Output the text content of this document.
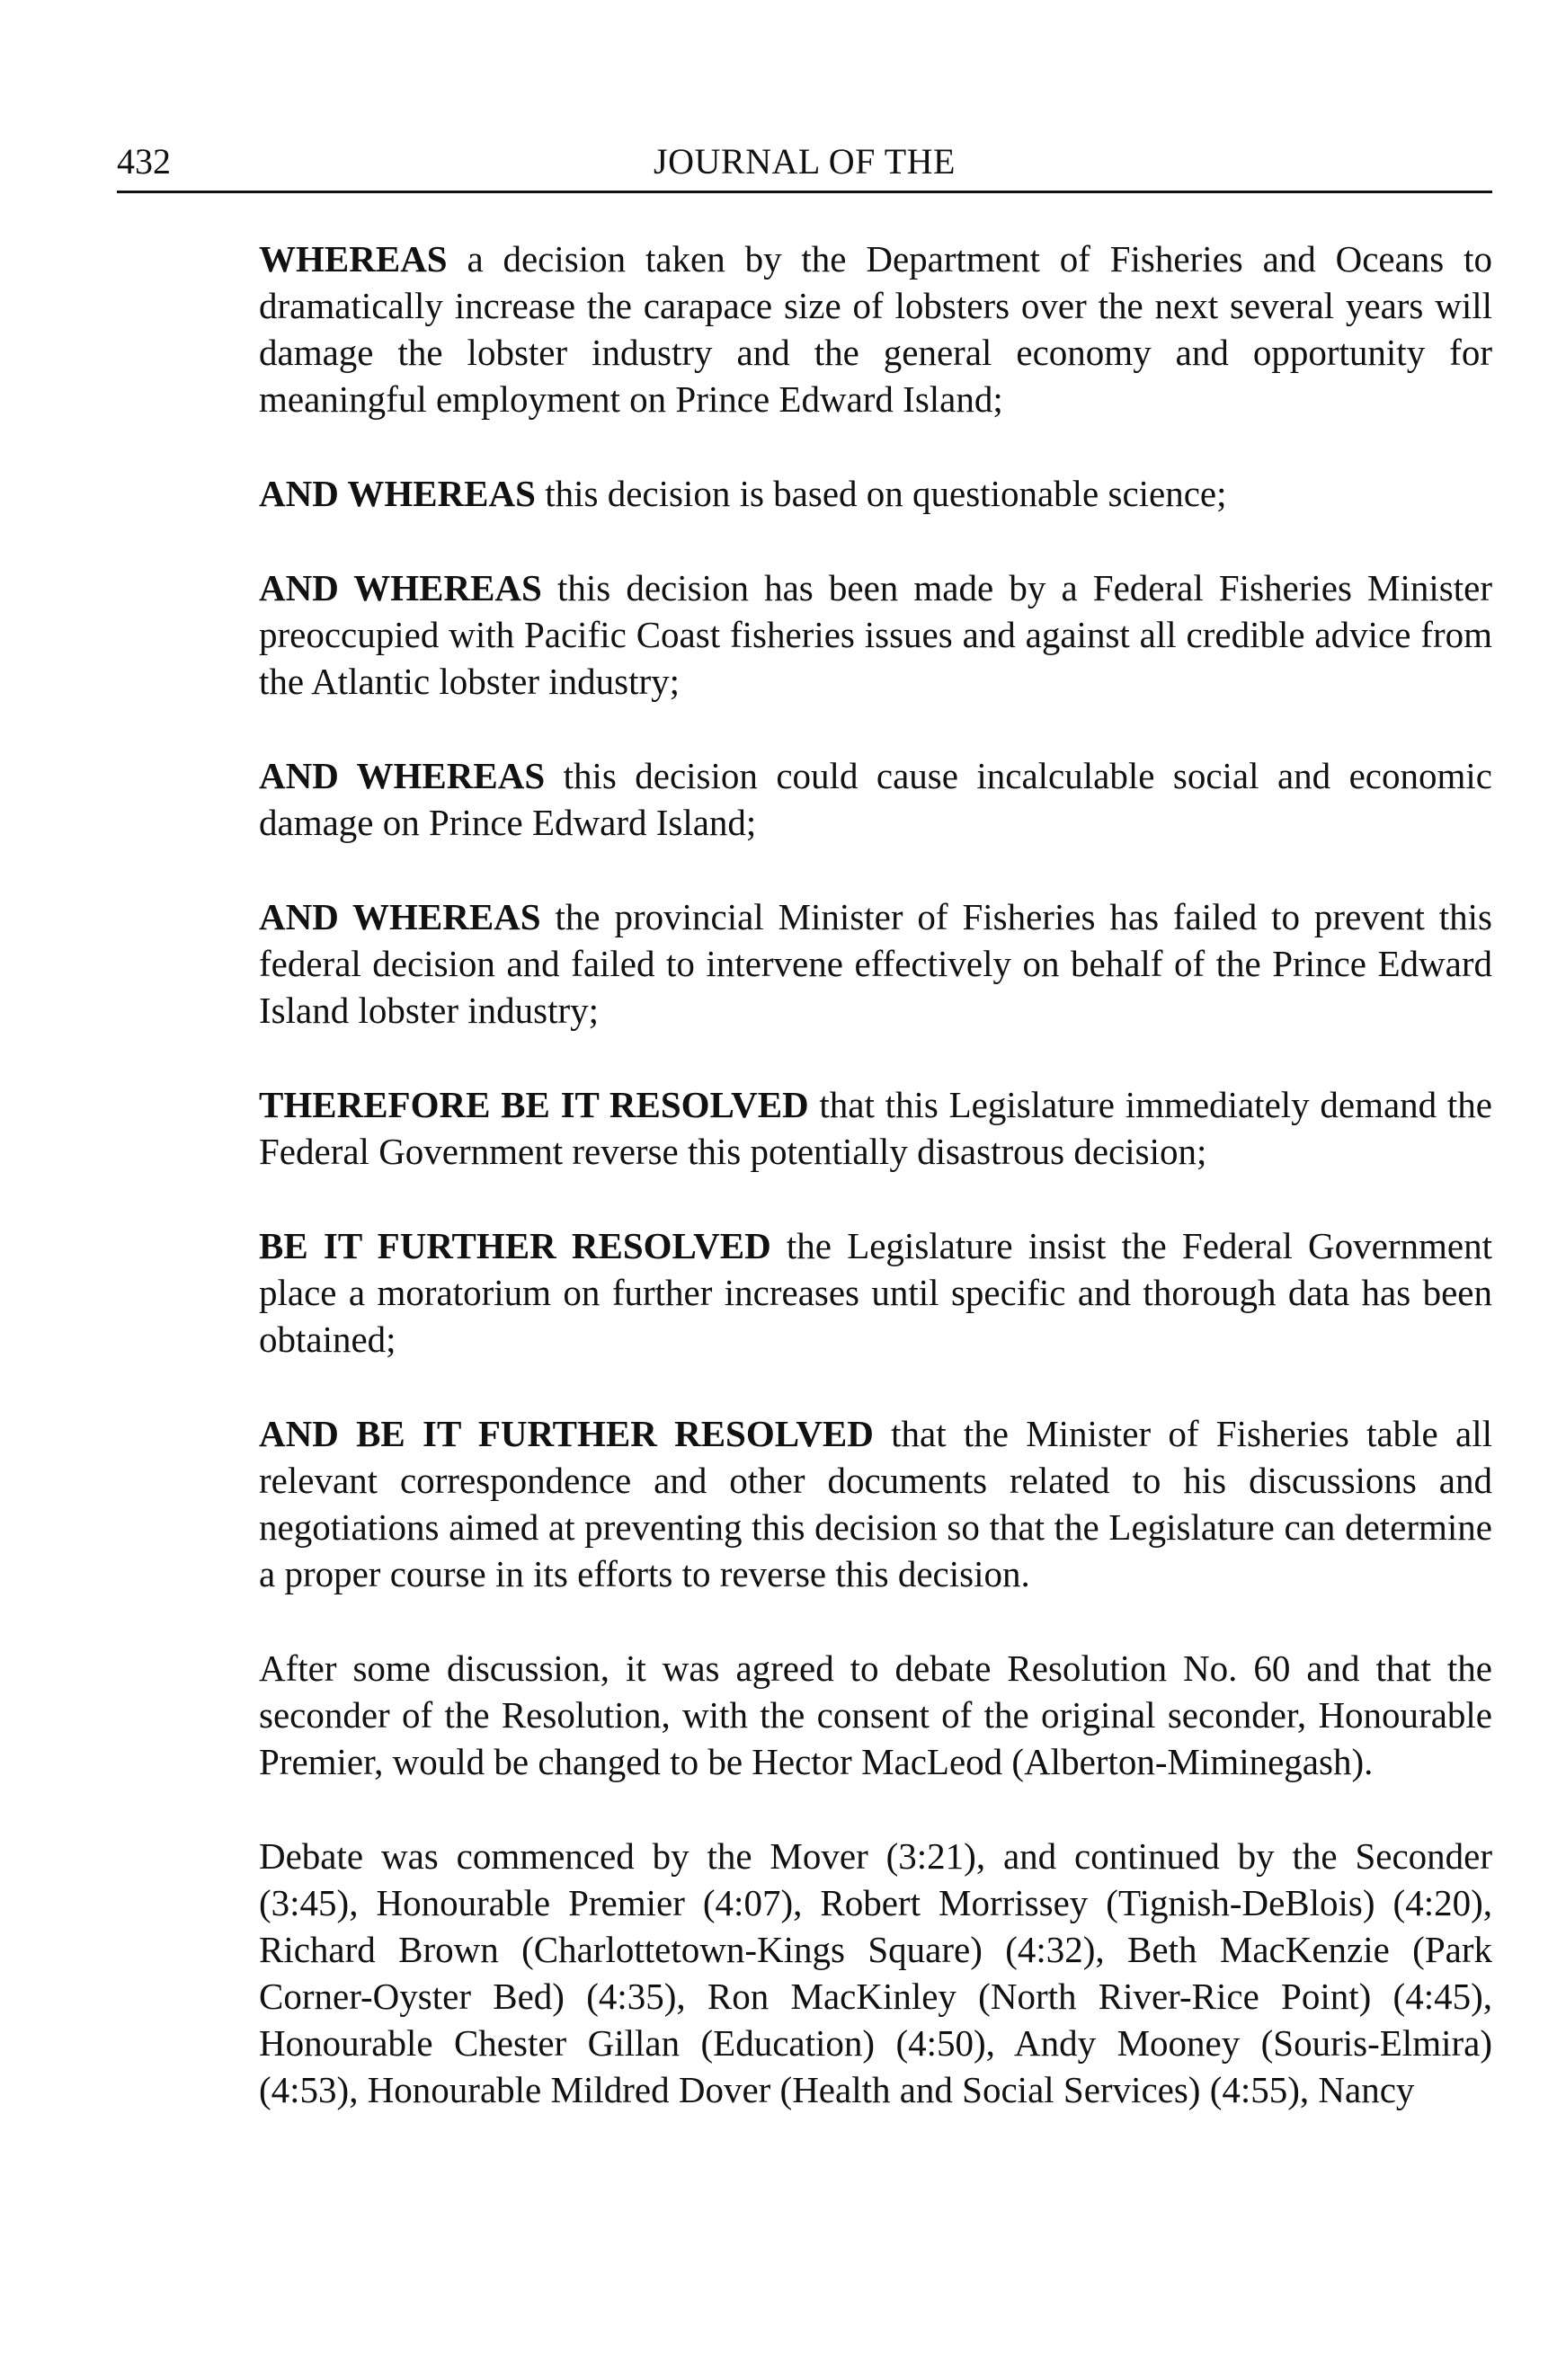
432	JOURNAL OF THE

WHEREAS a decision taken by the Department of Fisheries and Oceans to dramatically increase the carapace size of lobsters over the next several years will damage the lobster industry and the general economy and opportunity for meaningful employment on Prince Edward Island;

AND WHEREAS this decision is based on questionable science;

AND WHEREAS this decision has been made by a Federal Fisheries Minister preoccupied with Pacific Coast fisheries issues and against all credible advice from the Atlantic lobster industry;

AND WHEREAS this decision could cause incalculable social and economic damage on Prince Edward Island;

AND WHEREAS the provincial Minister of Fisheries has failed to prevent this federal decision and failed to intervene effectively on behalf of the Prince Edward Island lobster industry;

THEREFORE BE IT RESOLVED that this Legislature immediately demand the Federal Government reverse this potentially disastrous decision;

BE IT FURTHER RESOLVED the Legislature insist the Federal Government place a moratorium on further increases until specific and thorough data has been obtained;

AND BE IT FURTHER RESOLVED that the Minister of Fisheries table all relevant correspondence and other documents related to his discussions and negotiations aimed at preventing this decision so that the Legislature can determine a proper course in its efforts to reverse this decision.

After some discussion, it was agreed to debate Resolution No. 60 and that the seconder of the Resolution, with the consent of the original seconder, Honourable Premier, would be changed to be Hector MacLeod (Alberton-Miminegash).

Debate was commenced by the Mover (3:21), and continued by the Seconder (3:45), Honourable Premier (4:07), Robert Morrissey (Tignish-DeBlois) (4:20), Richard Brown (Charlottetown-Kings Square) (4:32), Beth MacKenzie (Park Corner-Oyster Bed) (4:35), Ron MacKinley (North River-Rice Point) (4:45), Honourable Chester Gillan (Education) (4:50), Andy Mooney (Souris-Elmira) (4:53), Honourable Mildred Dover (Health and Social Services) (4:55), Nancy
